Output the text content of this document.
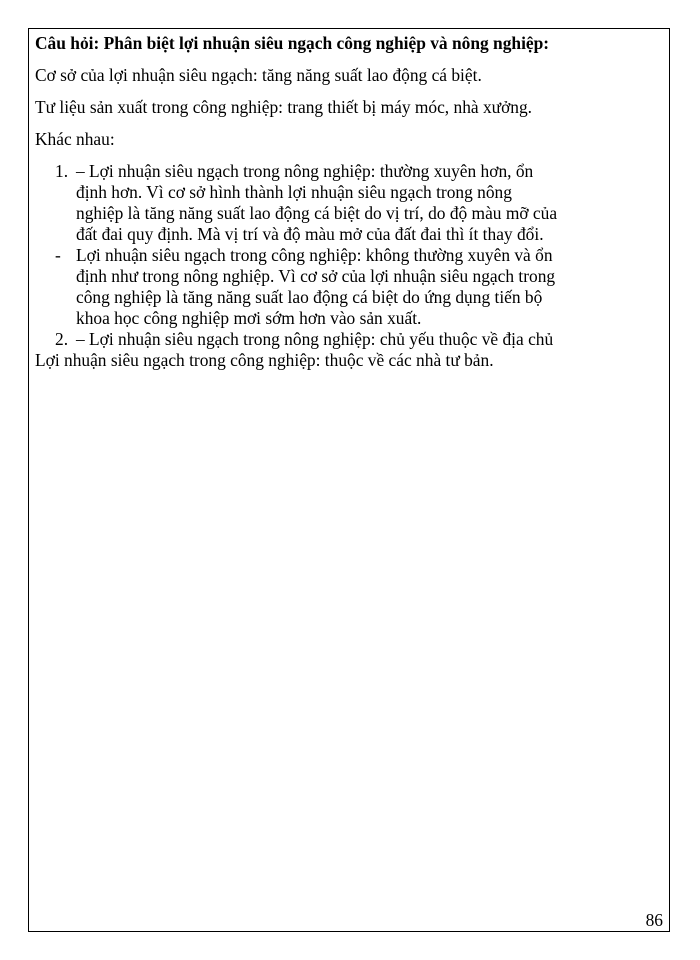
Câu hỏi: Phân biệt lợi nhuận siêu ngạch công nghiệp và nông nghiệp:
Cơ sở của lợi nhuận siêu ngạch: tăng năng suất lao động cá biệt.
Tư liệu sản xuất trong công nghiệp: trang thiết bị máy móc, nhà xưởng.
Khác nhau:
1. – Lợi nhuận siêu ngạch trong nông nghiệp: thường xuyên hơn, ổn
định hơn. Vì cơ sở hình thành lợi nhuận siêu ngạch trong nông
nghiệp là tăng năng suất lao động cá biệt do vị trí, do độ màu mỡ của
đất đai quy định. Mà vị trí và độ màu mở của đất đai thì ít thay đổi.
- Lợi nhuận siêu ngạch trong công nghiệp: không thường xuyên và ổn
định như trong nông nghiệp. Vì cơ sở của lợi nhuận siêu ngạch trong
công nghiệp là tăng năng suất lao động cá biệt do ứng dụng tiến bộ
khoa học công nghiệp mơi sớm hơn vào sản xuất.
2. – Lợi nhuận siêu ngạch trong nông nghiệp: chủ yếu thuộc về địa chủ
Lợi nhuận siêu ngạch trong công nghiệp: thuộc về các nhà tư bản.
86
